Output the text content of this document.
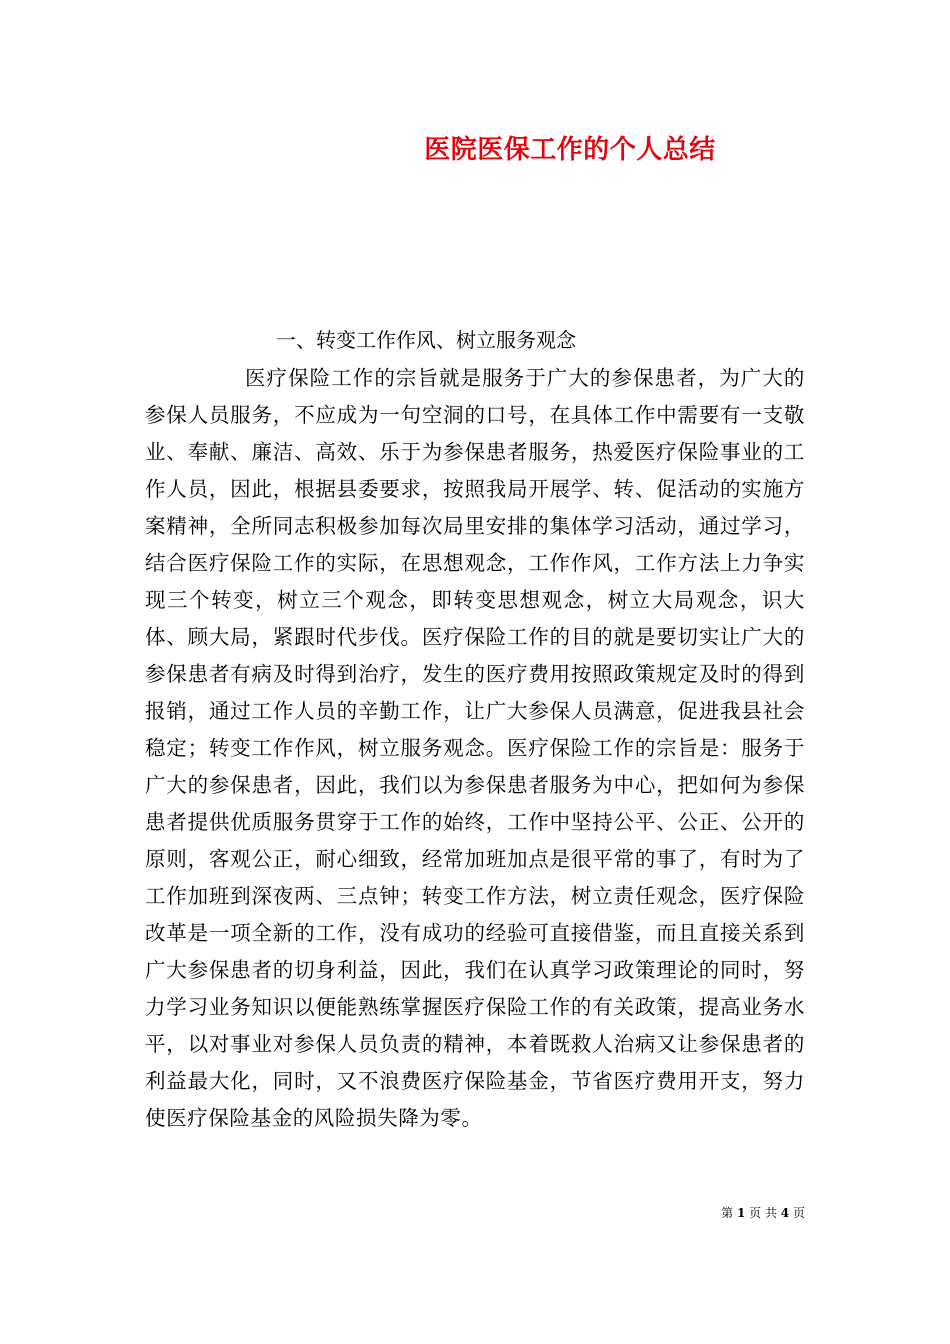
医院医保工作的个人总结
一、转变工作作风、树立服务观念

医疗保险工作的宗旨就是服务于广大的参保患者，为广大的参保人员服务，不应成为一句空洞的口号，在具体工作中需要有一支敬业、奉献、廉洁、高效、乐于为参保患者服务，热爱医疗保险事业的工作人员，因此，根据县委要求，按照我局开展学、转、促活动的实施方案精神，全所同志积极参加每次局里安排的集体学习活动，通过学习，结合医疗保险工作的实际，在思想观念，工作作风，工作方法上力争实现三个转变，树立三个观念，即转变思想观念，树立大局观念，识大体、顾大局，紧跟时代步伐。医疗保险工作的目的就是要切实让广大的参保患者有病及时得到治疗，发生的医疗费用按照政策规定及时的得到报销，通过工作人员的辛勤工作，让广大参保人员满意，促进我县社会稳定；转变工作作风，树立服务观念。医疗保险工作的宗旨是：服务于广大的参保患者，因此，我们以为参保患者服务为中心，把如何为参保患者提供优质服务贯穿于工作的始终，工作中坚持公平、公正、公开的原则，客观公正，耐心细致，经常加班加点是很平常的事了，有时为了工作加班到深夜两、三点钟；转变工作方法，树立责任观念，医疗保险改革是一项全新的工作，没有成功的经验可直接借鉴，而且直接关系到广大参保患者的切身利益，因此，我们在认真学习政策理论的同时，努力学习业务知识以便能熟练掌握医疗保险工作的有关政策，提高业务水平，以对事业对参保人员负责的精神，本着既救人治病又让参保患者的利益最大化，同时，又不浪费医疗保险基金，节省医疗费用开支，努力使医疗保险基金的风险损失降为零。

第 1 页 共 4 页
